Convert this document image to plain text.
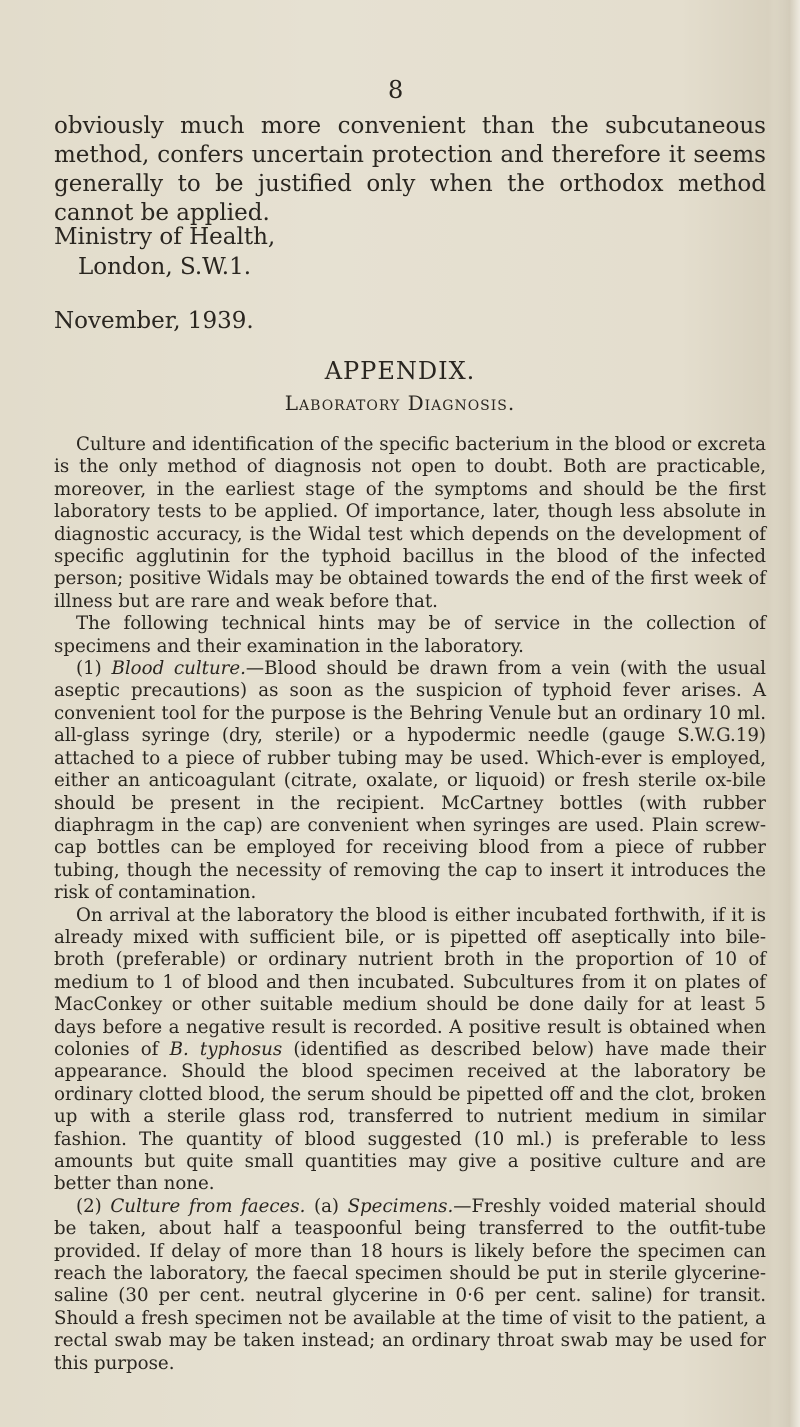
8

obviously much more convenient than the subcutaneous method, confers uncertain protection and therefore it seems generally to be justified only when the orthodox method cannot be applied.

Ministry of Health,
London, S.W.1.
November, 1939.
APPENDIX.
Laboratory Diagnosis.

Culture and identification of the specific bacterium in the blood or excreta is the only method of diagnosis not open to doubt. Both are practicable, moreover, in the earliest stage of the symptoms and should be the first laboratory tests to be applied. Of importance, later, though less absolute in diagnostic accuracy, is the Widal test which depends on the development of specific agglutinin for the typhoid bacillus in the blood of the infected person; positive Widals may be obtained towards the end of the first week of illness but are rare and weak before that.

The following technical hints may be of service in the collection of specimens and their examination in the laboratory.

(1) Blood culture.—Blood should be drawn from a vein (with the usual aseptic precautions) as soon as the suspicion of typhoid fever arises. A convenient tool for the purpose is the Behring Venule but an ordinary 10 ml. all-glass syringe (dry, sterile) or a hypodermic needle (gauge S.W.G.19) attached to a piece of rubber tubing may be used. Which-ever is employed, either an anticoagulant (citrate, oxalate, or liquoid) or fresh sterile ox-bile should be present in the recipient. McCartney bottles (with rubber diaphragm in the cap) are convenient when syringes are used. Plain screw-cap bottles can be employed for receiving blood from a piece of rubber tubing, though the necessity of removing the cap to insert it introduces the risk of contamination.

On arrival at the laboratory the blood is either incubated forthwith, if it is already mixed with sufficient bile, or is pipetted off aseptically into bile-broth (preferable) or ordinary nutrient broth in the proportion of 10 of medium to 1 of blood and then incubated. Subcultures from it on plates of MacConkey or other suitable medium should be done daily for at least 5 days before a negative result is recorded. A positive result is obtained when colonies of B. typhosus (identified as described below) have made their appearance. Should the blood specimen received at the laboratory be ordinary clotted blood, the serum should be pipetted off and the clot, broken up with a sterile glass rod, transferred to nutrient medium in similar fashion. The quantity of blood suggested (10 ml.) is preferable to less amounts but quite small quantities may give a positive culture and are better than none.

(2) Culture from faeces. (a) Specimens.—Freshly voided material should be taken, about half a teaspoonful being transferred to the outfit-tube provided. If delay of more than 18 hours is likely before the specimen can reach the laboratory, the faecal specimen should be put in sterile glycerine-saline (30 per cent. neutral glycerine in 0·6 per cent. saline) for transit. Should a fresh specimen not be available at the time of visit to the patient, a rectal swab may be taken instead; an ordinary throat swab may be used for this purpose.
